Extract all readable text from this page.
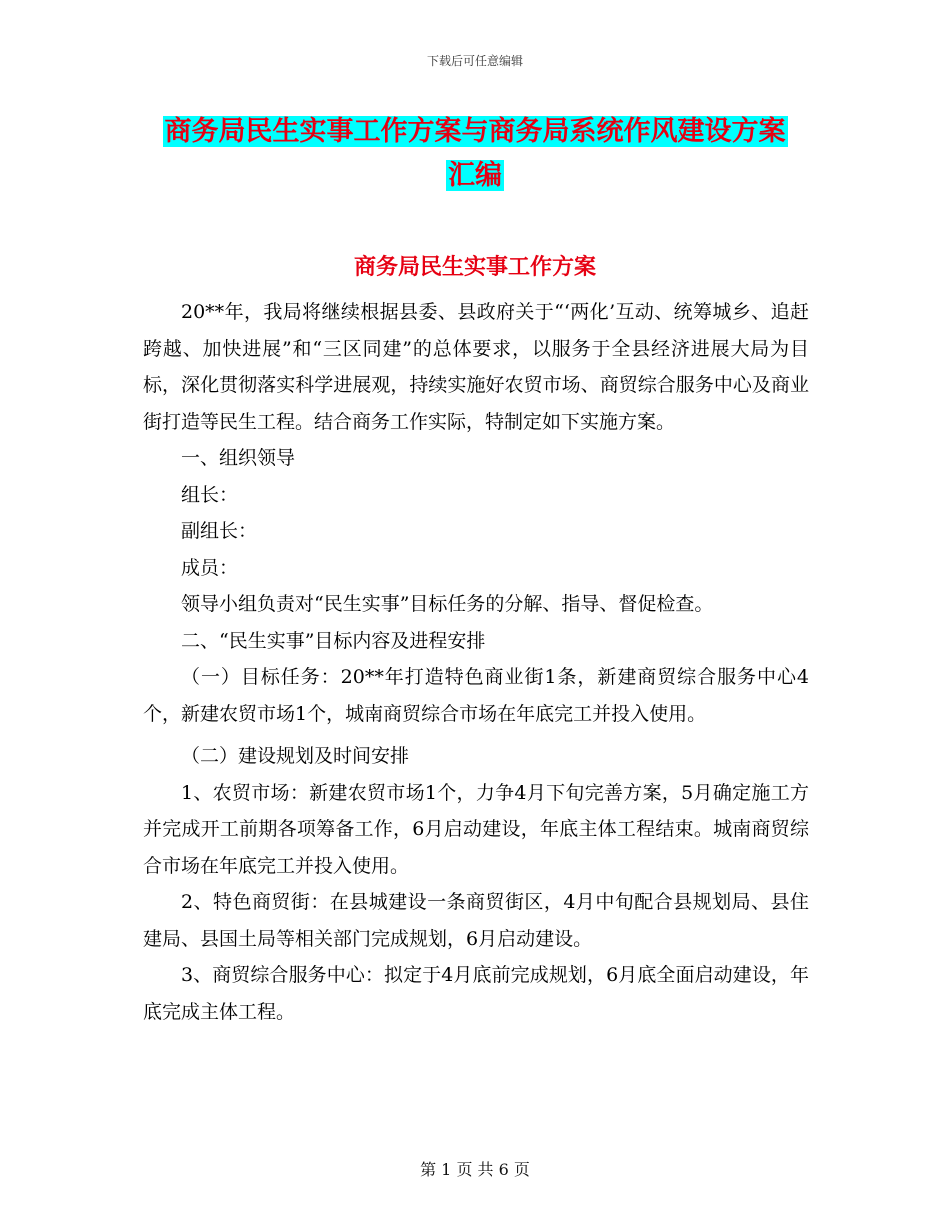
下载后可任意编辑
商务局民生实事工作方案与商务局系统作风建设方案
汇编
商务局民生实事工作方案

20**年，我局将继续根据县委、县政府关于“‘两化’互动、统筹城乡、追赶跨越、加快进展”和“三区同建”的总体要求，以服务于全县经济进展大局为目标，深化贯彻落实科学进展观，持续实施好农贸市场、商贸综合服务中心及商业街打造等民生工程。结合商务工作实际，特制定如下实施方案。

一、组织领导

组长：

副组长：

成员：

领导小组负责对“民生实事”目标任务的分解、指导、督促检查。

二、“民生实事”目标内容及进程安排

（一）目标任务：20**年打造特色商业街1条，新建商贸综合服务中心4个，新建农贸市场1个，城南商贸综合市场在年底完工并投入使用。

（二）建设规划及时间安排

1、农贸市场：新建农贸市场1个，力争4月下旬完善方案，5月确定施工方并完成开工前期各项筹备工作，6月启动建设，年底主体工程结束。城南商贸综合市场在年底完工并投入使用。

2、特色商贸街：在县城建设一条商贸街区，4月中旬配合县规划局、县住建局、县国土局等相关部门完成规划，6月启动建设。

3、商贸综合服务中心：拟定于4月底前完成规划，6月底全面启动建设，年底完成主体工程。

第 1 页 共 6 页
